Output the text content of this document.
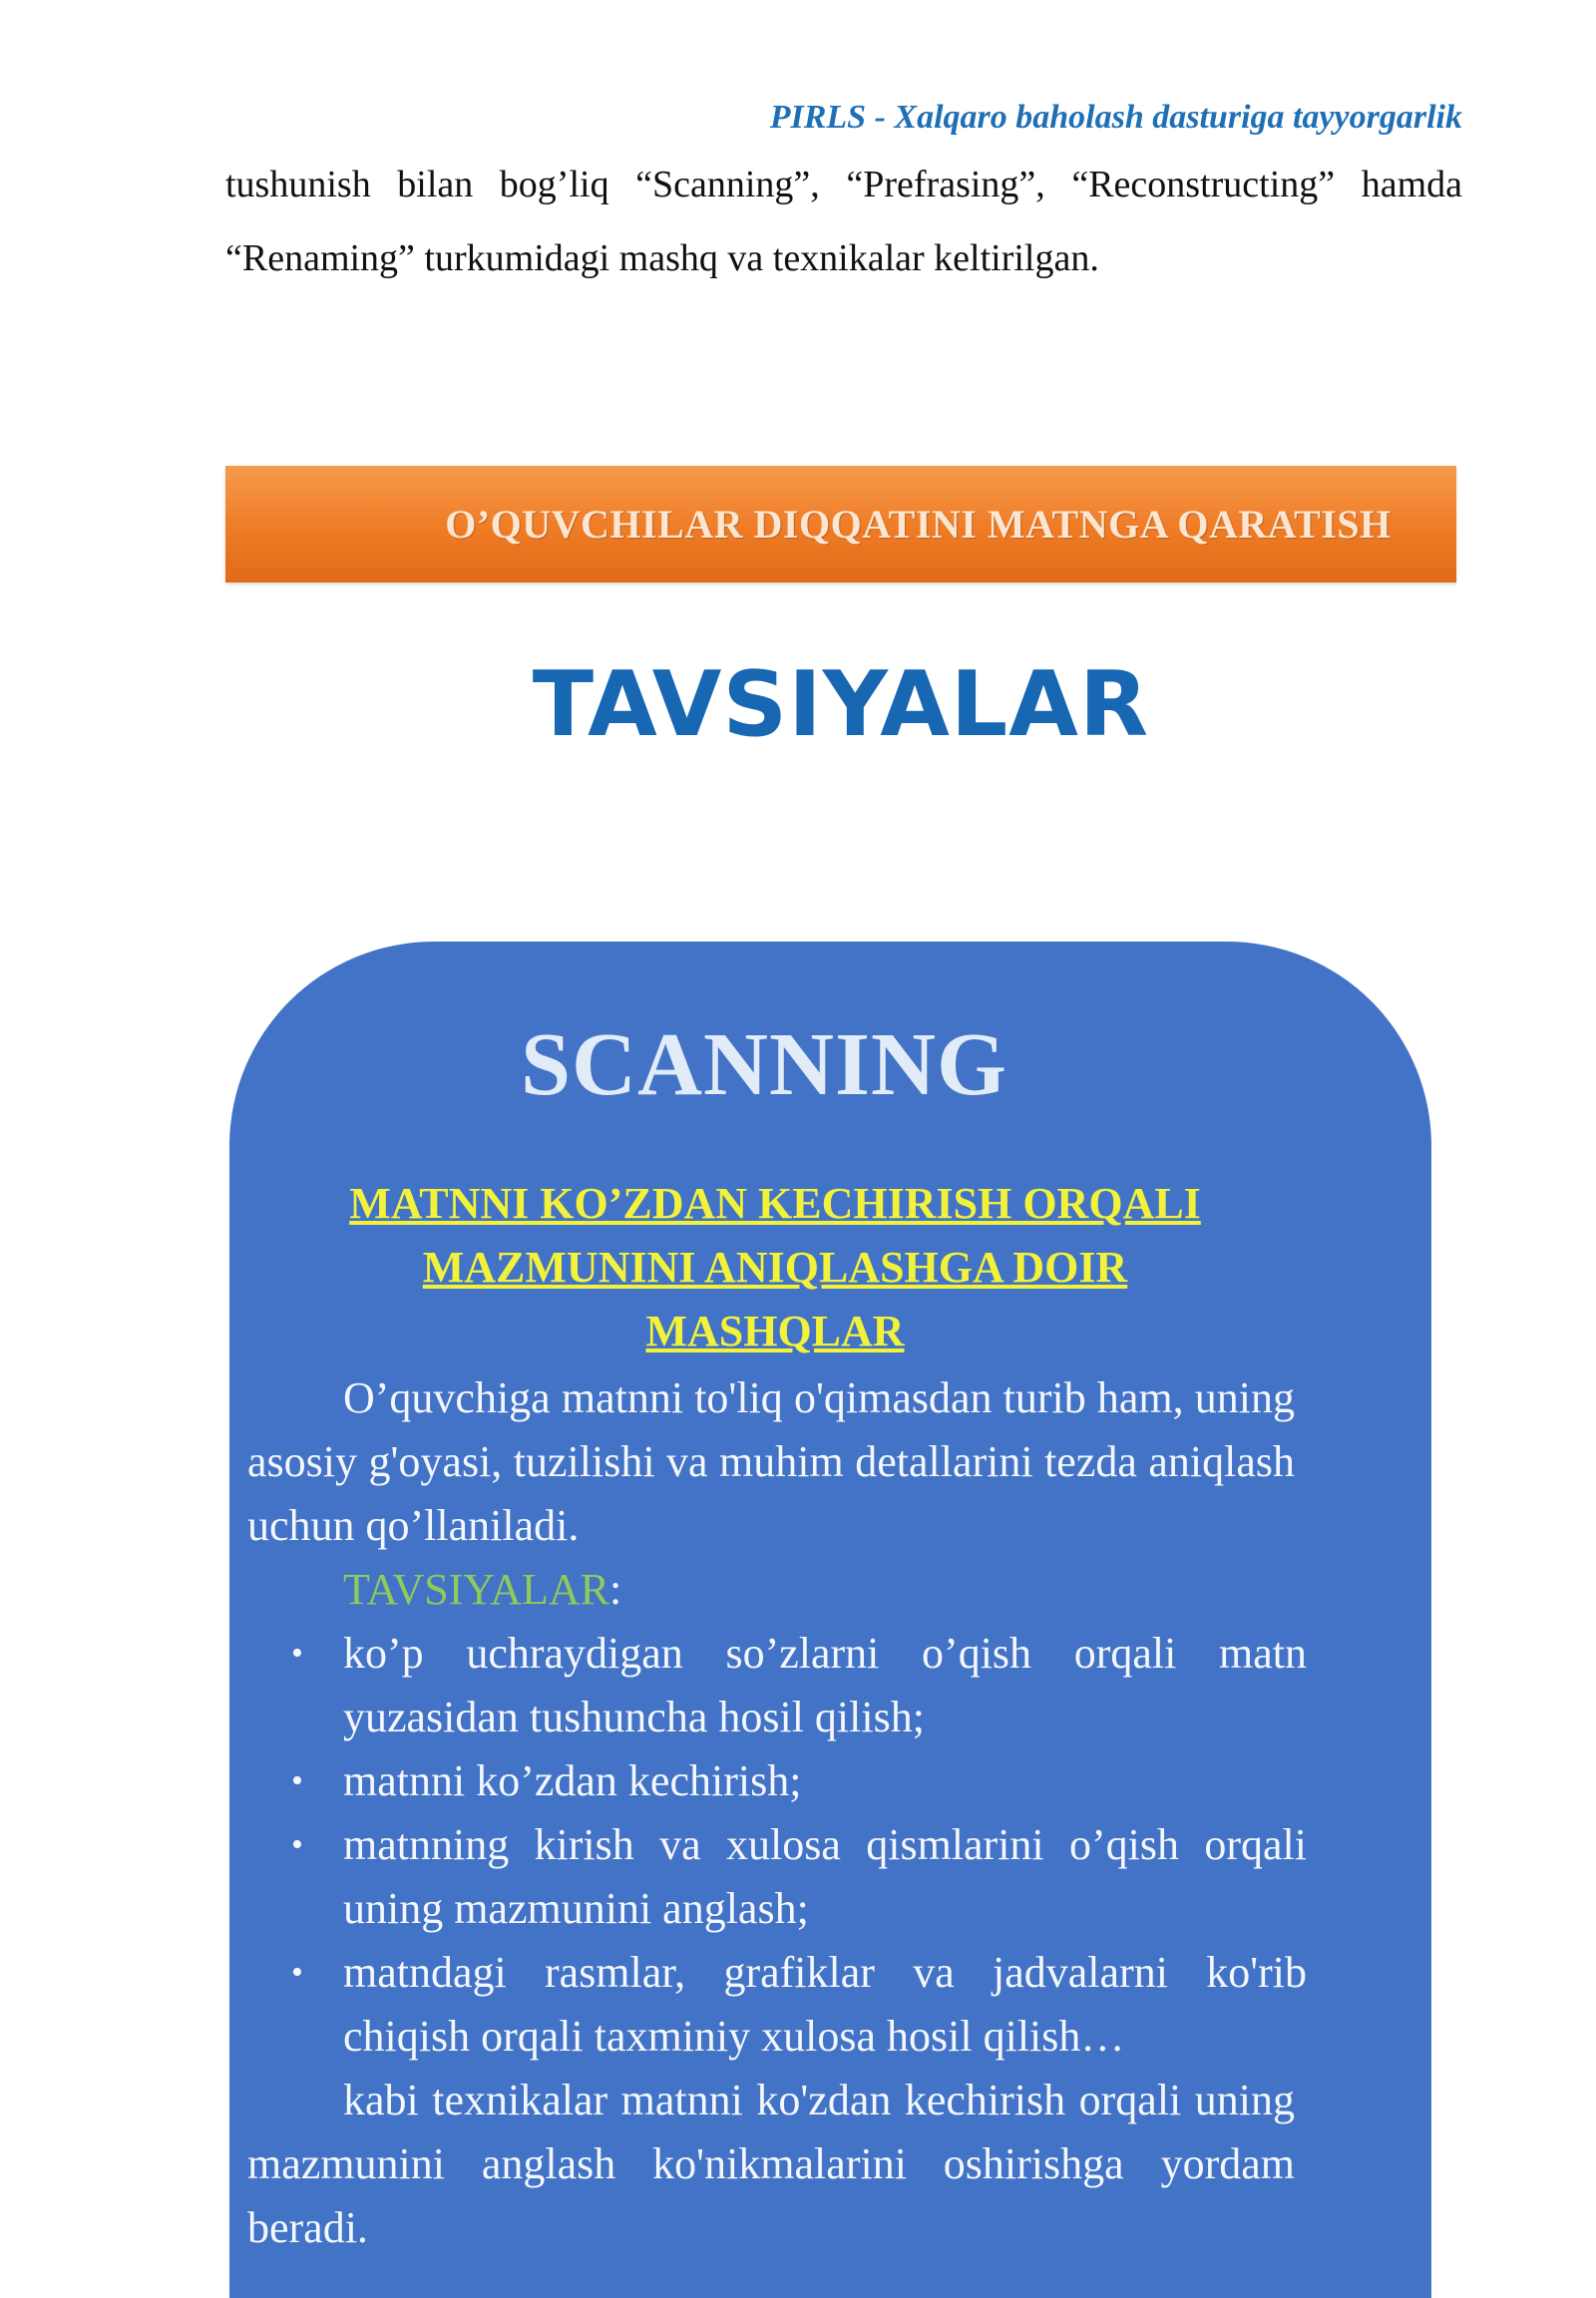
PIRLS - Xalqaro baholash dasturiga tayyorgarlik

tushunish bilan bog’liq “Scanning”, “Prefrasing”, “Reconstructing” hamda “Renaming” turkumidagi mashq va texnikalar keltirilgan.

O’QUVCHILAR DIQQATINI MATNGA QARATISH
TAVSIYALAR
SCANNING
MATNNI KO’ZDAN KECHIRISH ORQALI
MAZMUNINI ANIQLASHGA DOIR
MASHQLAR

O’quvchiga matnni to'liq o'qimasdan turib ham, uning asosiy g'oyasi, tuzilishi va muhim detallarini tezda aniqlash uchun qo’llaniladi.

TAVSIYALAR:

• ko’p uchraydigan so’zlarni o’qish orqali matn yuzasidan tushuncha hosil qilish;
• matnni ko’zdan kechirish;
• matnning kirish va xulosa qismlarini o’qish orqali uning mazmunini anglash;
• matndagi rasmlar, grafiklar va jadvalarni ko'rib chiqish orqali taxminiy xulosa hosil qilish…

kabi texnikalar matnni ko'zdan kechirish orqali uning mazmunini anglash ko'nikmalarini oshirishga yordam beradi.
